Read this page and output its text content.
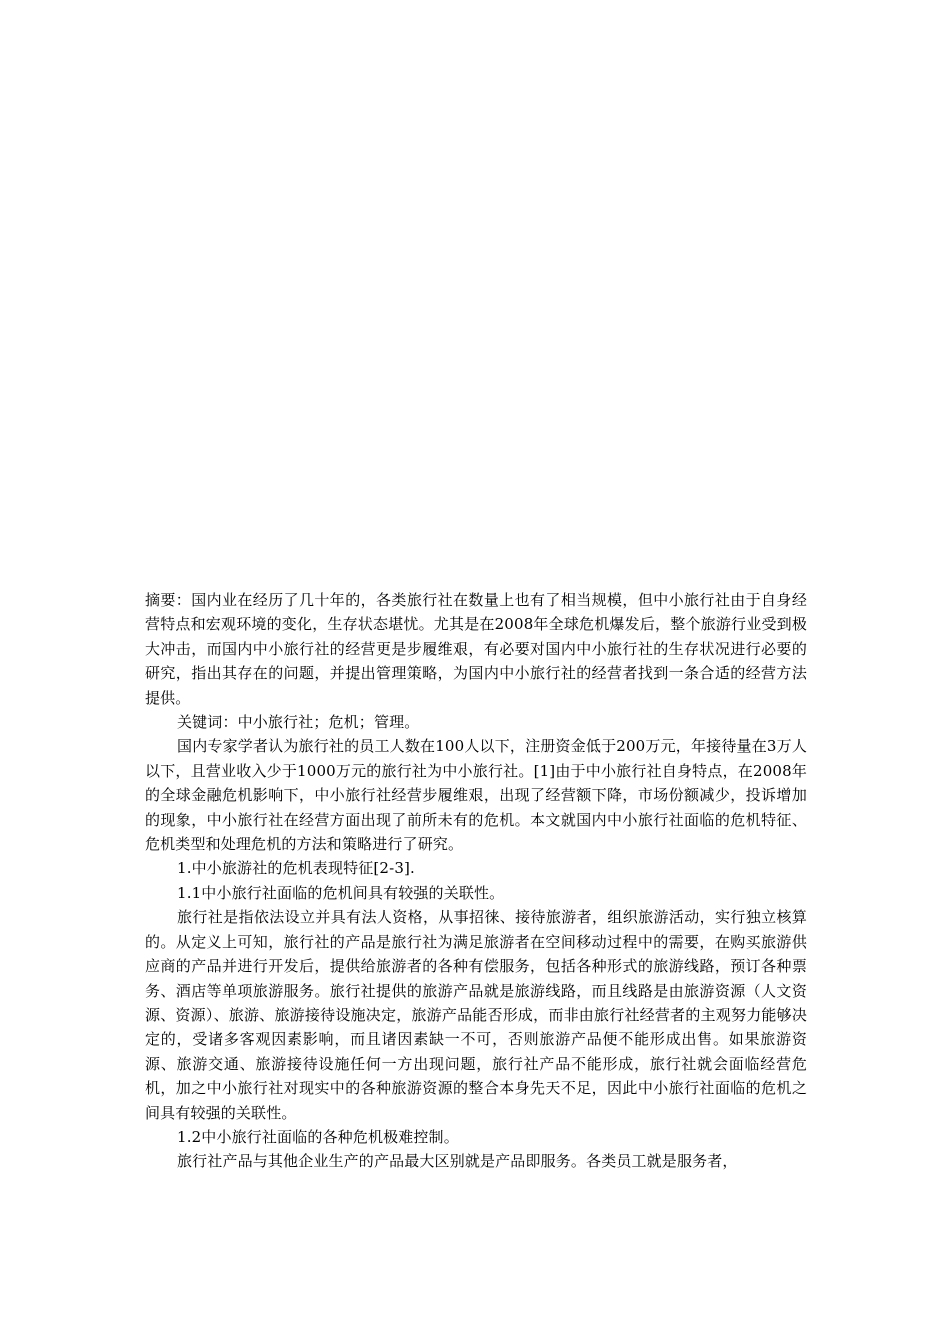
摘要：国内业在经历了几十年的，各类旅行社在数量上也有了相当规模，但中小旅行社由于自身经营特点和宏观环境的变化，生存状态堪忧。尤其是在2008年全球危机爆发后，整个旅游行业受到极大冲击，而国内中小旅行社的经营更是步履维艰，有必要对国内中小旅行社的生存状况进行必要的研究，指出其存在的问题，并提出管理策略，为国内中小旅行社的经营者找到一条合适的经营方法提供。

关键词：中小旅行社；危机；管理。

国内专家学者认为旅行社的员工人数在100人以下，注册资金低于200万元，年接待量在3万人以下，且营业收入少于1000万元的旅行社为中小旅行社。[1]由于中小旅行社自身特点，在2008年的全球金融危机影响下，中小旅行社经营步履维艰，出现了经营额下降，市场份额减少，投诉增加的现象，中小旅行社在经营方面出现了前所未有的危机。本文就国内中小旅行社面临的危机特征、危机类型和处理危机的方法和策略进行了研究。

1.中小旅游社的危机表现特征[2-3].

1.1中小旅行社面临的危机间具有较强的关联性。

旅行社是指依法设立并具有法人资格，从事招徕、接待旅游者，组织旅游活动，实行独立核算的。从定义上可知，旅行社的产品是旅行社为满足旅游者在空间移动过程中的需要，在购买旅游供应商的产品并进行开发后，提供给旅游者的各种有偿服务，包括各种形式的旅游线路，预订各种票务、酒店等单项旅游服务。旅行社提供的旅游产品就是旅游线路，而且线路是由旅游资源（人文资源、资源）、旅游、旅游接待设施决定，旅游产品能否形成，而非由旅行社经营者的主观努力能够决定的，受诸多客观因素影响，而且诸因素缺一不可，否则旅游产品便不能形成出售。如果旅游资源、旅游交通、旅游接待设施任何一方出现问题，旅行社产品不能形成，旅行社就会面临经营危机，加之中小旅行社对现实中的各种旅游资源的整合本身先天不足，因此中小旅行社面临的危机之间具有较强的关联性。

1.2中小旅行社面临的各种危机极难控制。

旅行社产品与其他企业生产的产品最大区别就是产品即服务。各类员工就是服务者，
